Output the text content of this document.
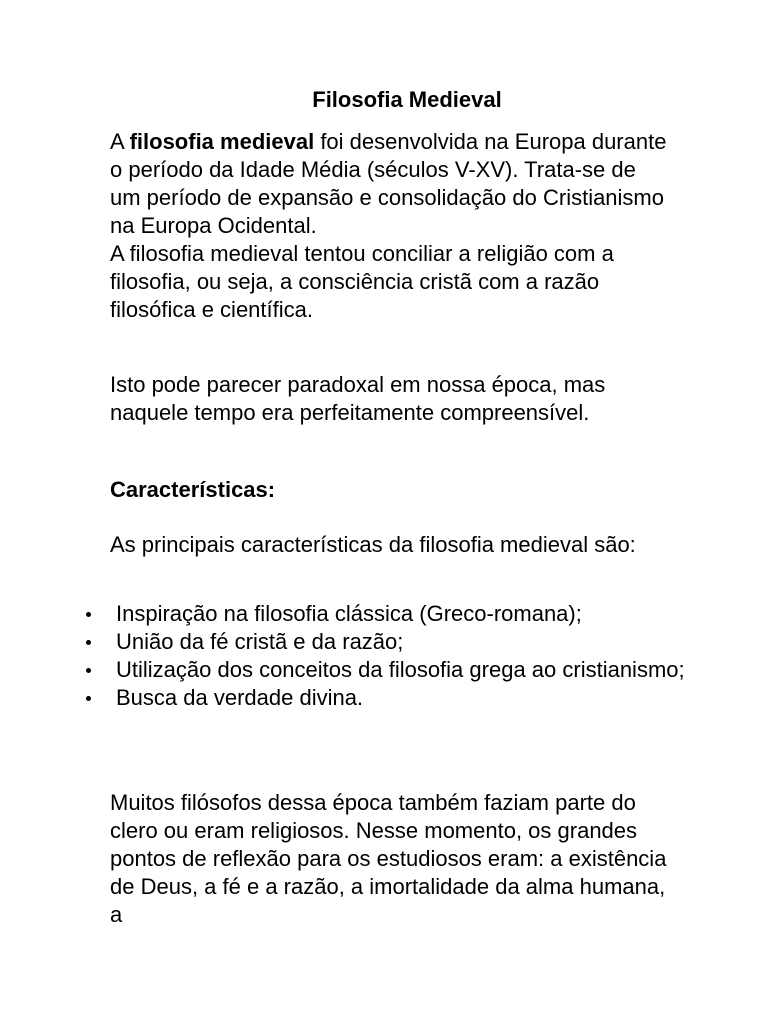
Filosofia Medieval

A filosofia medieval foi desenvolvida na Europa durante o período da Idade Média (séculos V-XV). Trata-se de um período de expansão e consolidação do Cristianismo na Europa Ocidental.

A filosofia medieval tentou conciliar a religião com a filosofia, ou seja, a consciência cristã com a razão filosófica e científica.

Isto pode parecer paradoxal em nossa época, mas naquele tempo era perfeitamente compreensível.
Características:
As principais características da filosofia medieval são:
Inspiração na filosofia clássica (Greco-romana);
União da fé cristã e da razão;
Utilização dos conceitos da filosofia grega ao cristianismo;
Busca da verdade divina.
Muitos filósofos dessa época também faziam parte do clero ou eram religiosos. Nesse momento, os grandes pontos de reflexão para os estudiosos eram: a existência de Deus, a fé e a razão, a imortalidade da alma humana, a
